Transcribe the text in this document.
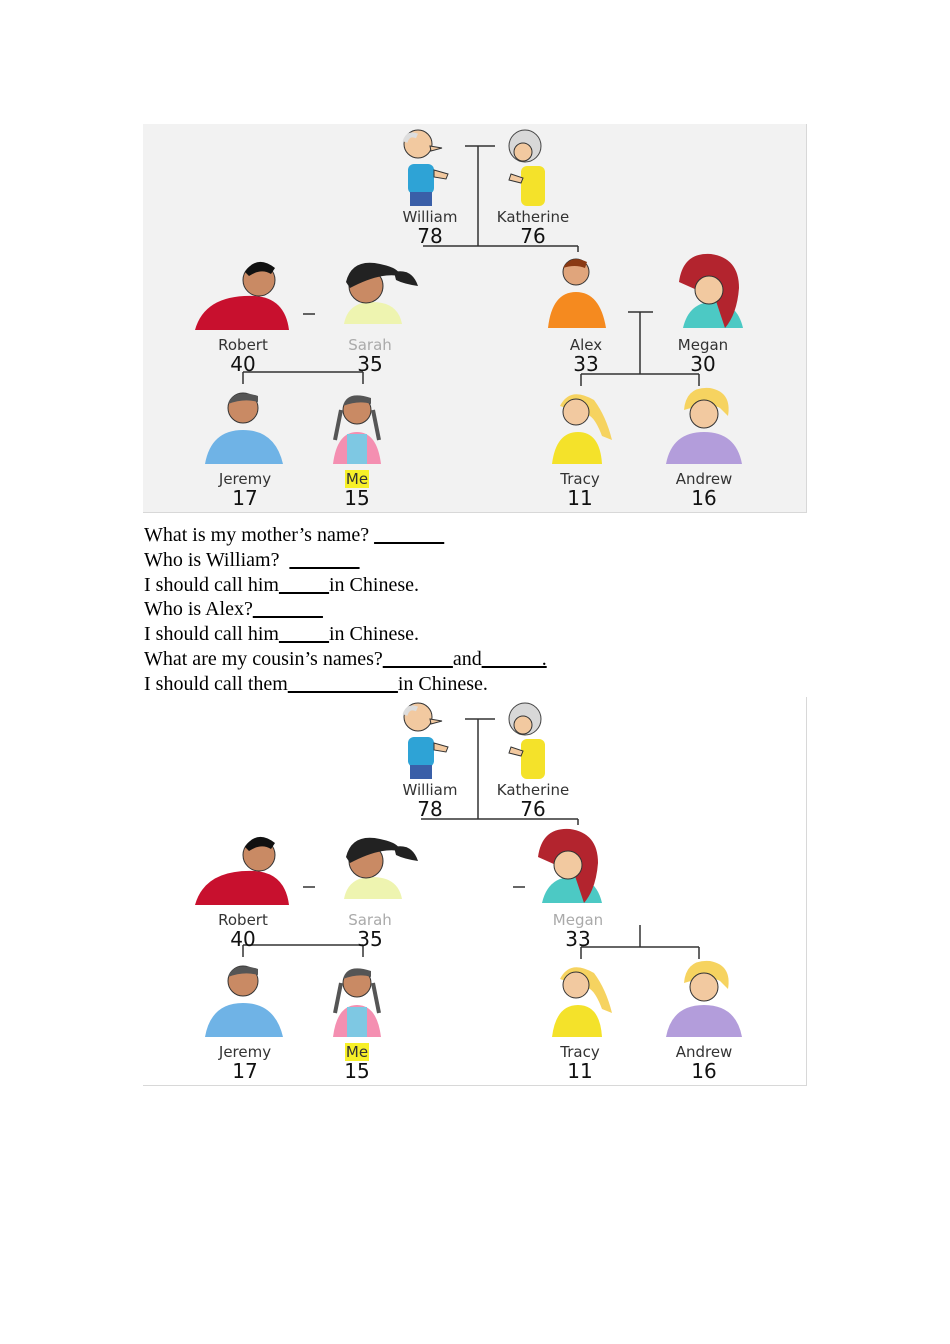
William
78
Katherine
76
Robert
40
Sarah
35
Alex
33
Megan
30
Jeremy
17
Me
15
Tracy
11
Andrew
16
What is my mother’s name? _______
Who is William?  _______
I should call him_____in Chinese.
Who is Alex?_______
I should call him_____in Chinese.
What are my cousin’s names?_______and______.
I should call them___________in Chinese.
William
78
Katherine
76
Robert
40
Sarah
35
Megan
33
Jeremy
17
Me
15
Tracy
11
Andrew
16
